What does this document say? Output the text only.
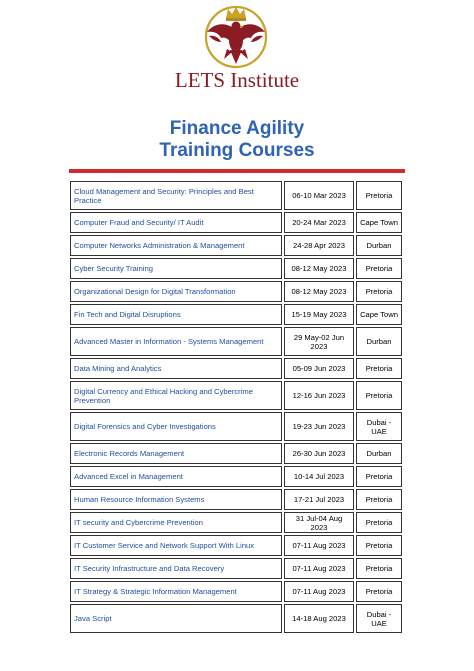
LETS Institute
Finance Agility
Training Courses
Cloud Management and Security: Principles and Best Practice	06-10 Mar 2023	Pretoria
Computer Fraud and Security/ IT Audit	20-24 Mar 2023	Cape Town
Computer Networks Administration & Management	24-28 Apr 2023	Durban
Cyber Security Training	08-12 May 2023	Pretoria
Organizational Design for Digital Transformation	08-12 May 2023	Pretoria
Fin Tech and Digital Disruptions	15-19 May 2023	Cape Town
Advanced Master in Information - Systems Management	29 May-02 Jun 2023	Durban
Data Mining and Analytics	05-09 Jun 2023	Pretoria
Digital Currency and Ethical Hacking and Cybercrime Prevention	12-16 Jun 2023	Pretoria
Digital Forensics and Cyber Investigations	19-23 Jun 2023	Dubai - UAE
Electronic Records Management	26-30 Jun 2023	Durban
Advanced Excel in Management	10-14 Jul 2023	Pretoria
Human Resource Information Systems	17-21 Jul 2023	Pretoria
IT security and Cybercrime Prevention	31 Jul-04 Aug 2023	Pretoria
IT Customer Service and Network Support With Linux	07-11 Aug 2023	Pretoria
IT Security Infrastructure and Data Recovery	07-11 Aug 2023	Pretoria
IT Strategy & Strategic Information Management	07-11 Aug 2023	Pretoria
Java Script	14-18 Aug 2023	Dubai - UAE
